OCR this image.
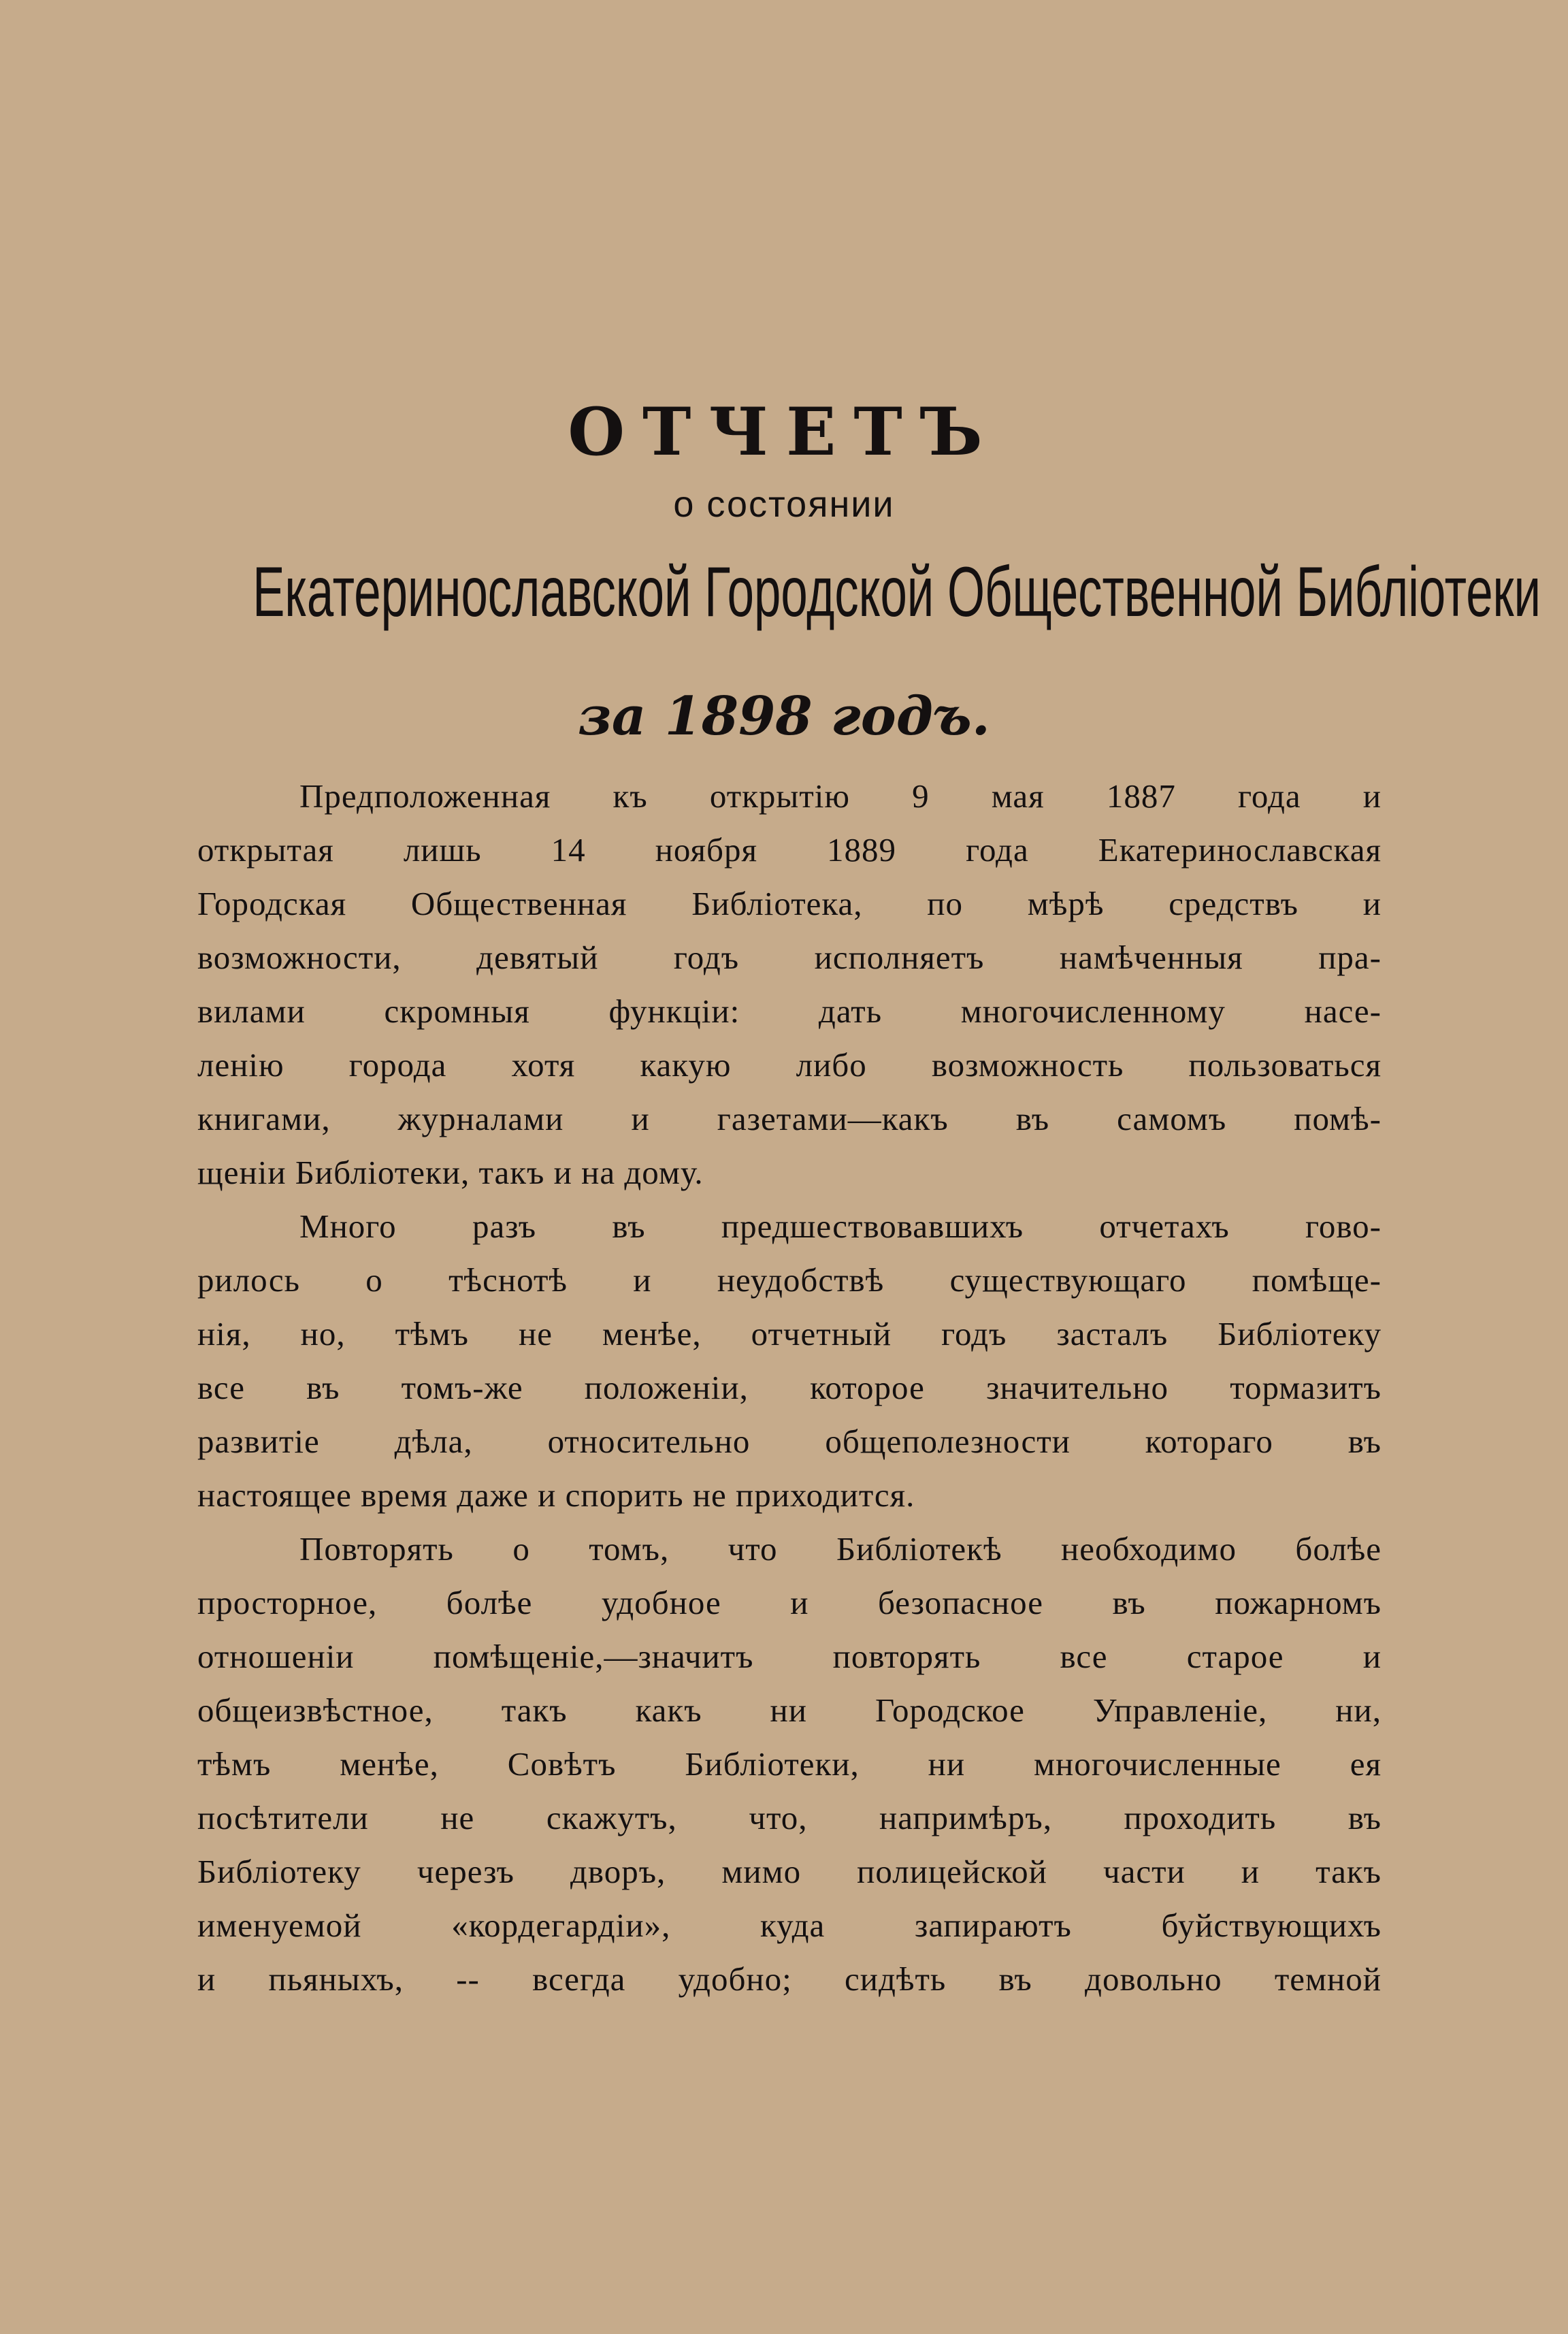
ОТЧЕТЪ
о состоянии
Екатеринославской Городской Общественной Библіотеки
за 1898 годъ.
Предположенная къ открытію 9 мая 1887 года и
открытая лишь 14 ноября 1889 года Екатеринославская
Городская Общественная Библіотека, по мѣрѣ средствъ и
возможности, девятый годъ исполняетъ намѣченныя пра-
вилами скромныя функціи: дать многочисленному насе-
ленію города хотя какую либо возможность пользоваться
книгами, журналами и газетами—какъ въ самомъ помѣ-
щеніи Библіотеки, такъ и на дому.
Много разъ въ предшествовавшихъ отчетахъ гово-
рилось о тѣснотѣ и неудобствѣ существующаго помѣще-
нія, но, тѣмъ не менѣе, отчетный годъ засталъ Библіотеку
все въ томъ-же положеніи, которое значительно тормазитъ
развитіе дѣла, относительно общеполезности котораго въ
настоящее время даже и спорить не приходится.
Повторять о томъ, что Библіотекѣ необходимо болѣе
просторное, болѣе удобное и безопасное въ пожарномъ
отношеніи помѣщеніе,—значитъ повторять все старое и
общеизвѣстное, такъ какъ ни Городское Управленіе, ни,
тѣмъ менѣе, Совѣтъ Библіотеки, ни многочисленные ея
посѣтители не скажутъ, что, напримѣръ, проходить въ
Библіотеку черезъ дворъ, мимо полицейской части и такъ
именуемой «кордегардіи», куда запираютъ буйствующихъ
и пьяныхъ, -- всегда удобно; сидѣть въ довольно темной
